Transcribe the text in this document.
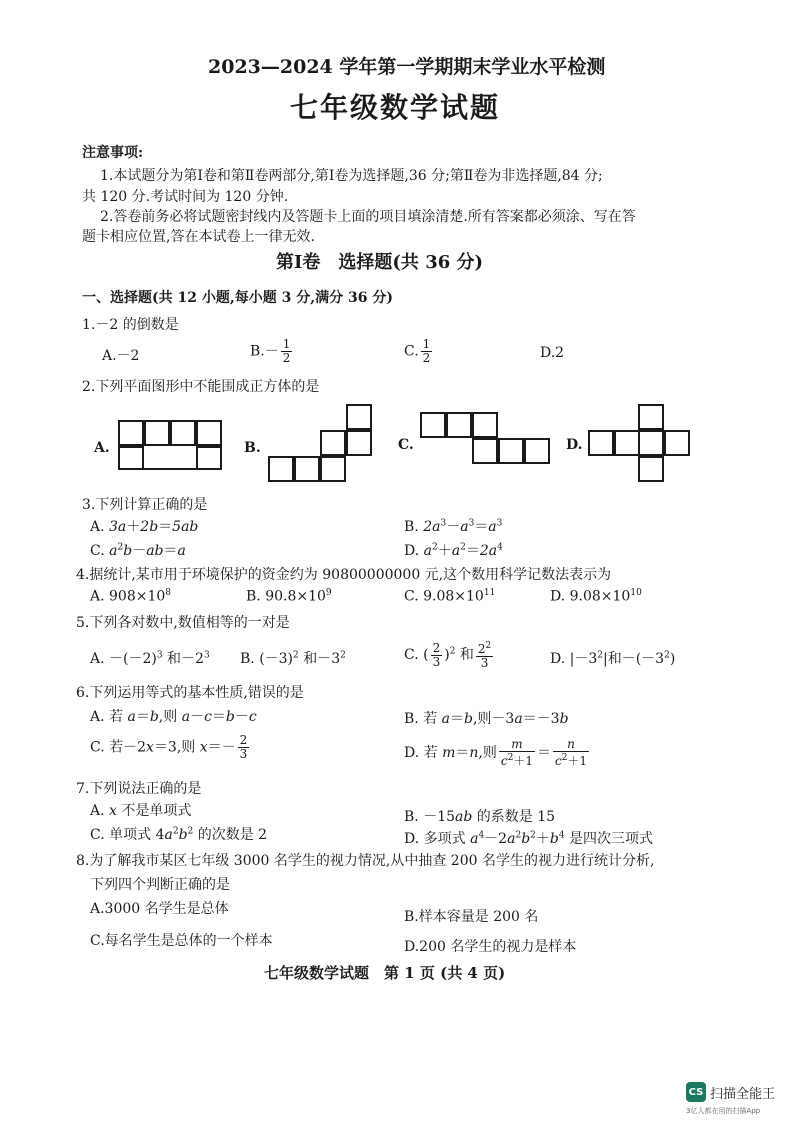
2023—2024 学年第一学期期末学业水平检测
七年级数学试题
注意事项:
1.本试题分为第Ⅰ卷和第Ⅱ卷两部分,第Ⅰ卷为选择题,36 分;第Ⅱ卷为非选择题,84 分;
共 120 分.考试时间为 120 分钟.
2.答卷前务必将试题密封线内及答题卡上面的项目填涂清楚.所有答案都必须涂、写在答
题卡相应位置,答在本试卷上一律无效.
第Ⅰ卷　选择题(共 36 分)
一、选择题(共 12 小题,每小题 3 分,满分 36 分)
1.－2 的倒数是
A.－2	$B.- \frac{1}{2}$	C. $\frac{1}{2}$	D.2
2.下列平面图形中不能围成正方体的是
A.	B.	C.	D.
3.下列计算正确的是
A. 3a＋2b＝5ab	B. $2a^3-a^3=a^3$
C. $a^2b-ab=a$	D. $a^2+a^2=2a^4$
4.据统计,某市用于环境保护的资金约为 90800000000 元,这个数用科学记数法表示为
A. $908\times 10^8$	B. $90.8\times 10^9$	C. $9.08\times 10^{11}$	D. $9.08\times 10^{10}$
5.下列各对数中,数值相等的一对是
A. $-(-2)^3$ 和$-2^3$ B. $(-3)^2$ 和$-3^2$	C. ( $\frac{2}{3} )^2$ 和 $\frac{2^2}{3}$	D. $|-3^2|$和$-(-3^2)$
6.下列运用等式的基本性质,错误的是
A. 若 a＝b,则 a－c＝b－c	B. 若 a＝b,则－3a＝－3b
C. 若－2x＝3,则 $x=- \frac{2}{3}$	D. 若 m＝n,则 $\frac{m}{c^2+1} = \frac{n}{c^2+1}$
7.下列说法正确的是
A. x 不是单项式	B. －15ab 的系数是 15
C. 单项式 $4a^2b^2$ 的次数是 2	D. 多项式 $a^4-2a^2b^2+b^4$ 是四次三项式
8.为了解我市某区七年级 3000 名学生的视力情况,从中抽查 200 名学生的视力进行统计分析,
下列四个判断正确的是
A.3000 名学生是总体	B.样本容量是 200 名
C.每名学生是总体的一个样本	D.200 名学生的视力是样本
七年级数学试题　第 1 页 (共 4 页)
CS 扫描全能王
3亿人都在用的扫描App
